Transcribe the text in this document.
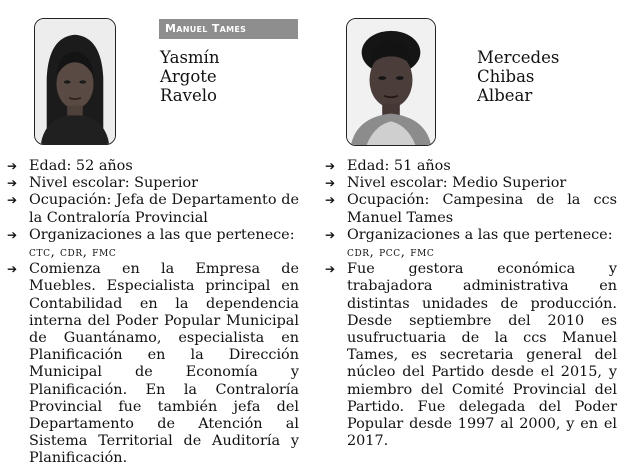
Manuel Tames
Yasmín
Argote
Ravelo
Mercedes
Chibas
Albear
➔ Edad: 52 años
➔ Nivel escolar: Superior
➔ Ocupación: Jefa de Departamento de la Contraloría Provincial
➔ Organizaciones a las que pertenece:
ctc, cdr, fmc
➔ Comienza en la Empresa de Muebles. Especialista principal en Contabilidad en la dependencia interna del Poder Popular Municipal de Guantánamo, especialista en Planificación en la Dirección Municipal de Economía y Planificación. En la Contraloría Provincial fue también jefa del Departamento de Atención al Sistema Territorial de Auditoría y Planificación.
➔ Edad: 51 años
➔ Nivel escolar: Medio Superior
➔ Ocupación: Campesina de la ccs Manuel Tames
➔ Organizaciones a las que pertenece:
cdr, pcc, fmc
➔ Fue gestora económica y trabajadora administrativa en distintas unidades de producción. Desde septiembre del 2010 es usufructuaria de la ccs Manuel Tames, es secretaria general del núcleo del Partido desde el 2015, y miembro del Comité Provincial del Partido. Fue delegada del Poder Popular desde 1997 al 2000, y en el 2017.
